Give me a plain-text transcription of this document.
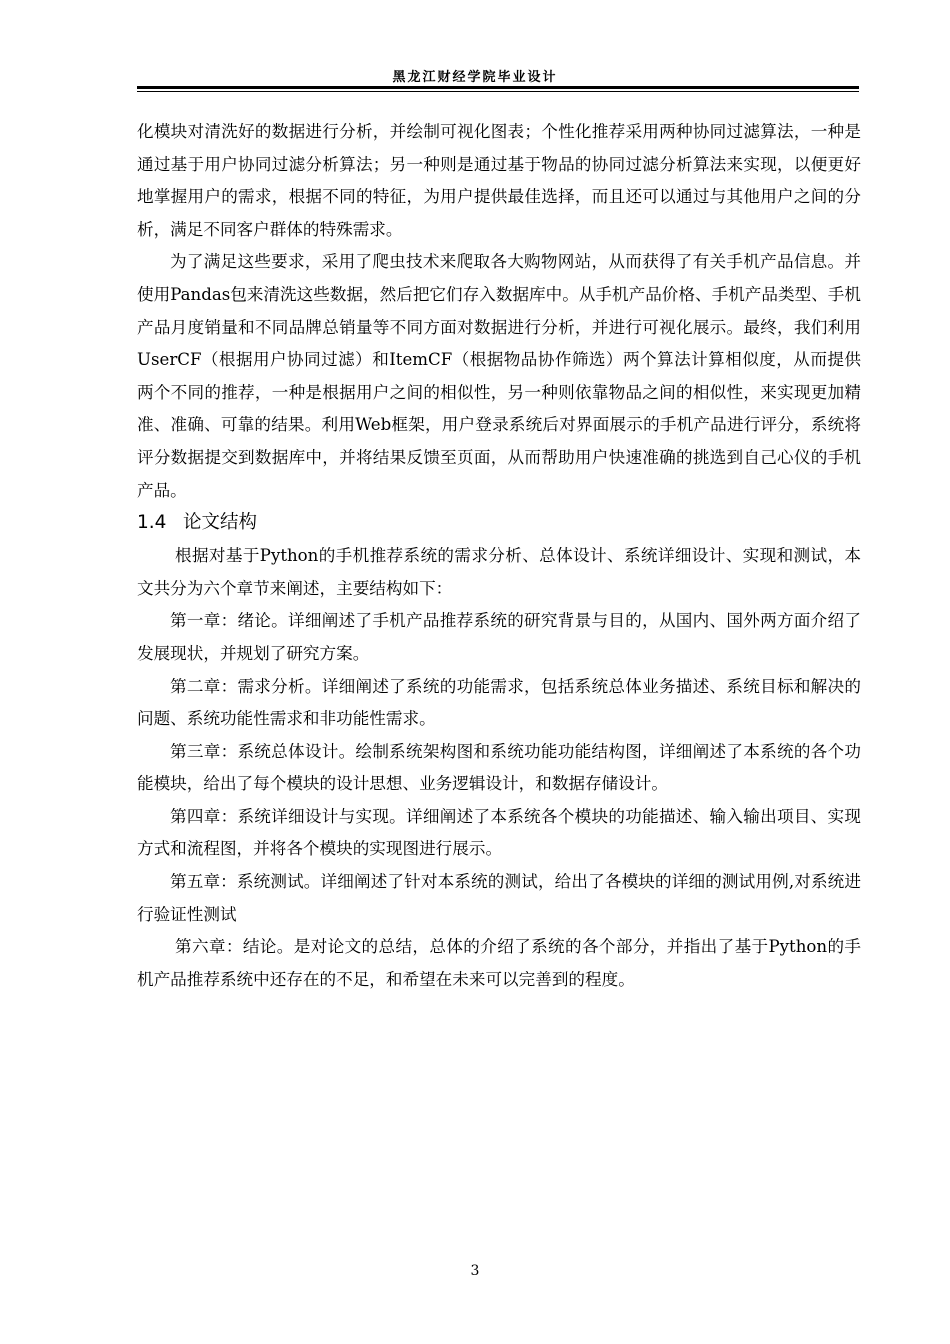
黑龙江财经学院毕业设计

化模块对清洗好的数据进行分析，并绘制可视化图表；个性化推荐采用两种协同过滤算法，一种是通过基于用户协同过滤分析算法；另一种则是通过基于物品的协同过滤分析算法来实现，以便更好地掌握用户的需求，根据不同的特征，为用户提供最佳选择，而且还可以通过与其他用户之间的分析，满足不同客户群体的特殊需求。

为了满足这些要求，采用了爬虫技术来爬取各大购物网站，从而获得了有关手机产品信息。并使用Pandas包来清洗这些数据，然后把它们存入数据库中。从手机产品价格、手机产品类型、手机产品月度销量和不同品牌总销量等不同方面对数据进行分析，并进行可视化展示。最终，我们利用UserCF（根据用户协同过滤）和ItemCF（根据物品协作筛选）两个算法计算相似度，从而提供两个不同的推荐，一种是根据用户之间的相似性，另一种则依靠物品之间的相似性，来实现更加精准、准确、可靠的结果。利用Web框架，用户登录系统后对界面展示的手机产品进行评分，系统将评分数据提交到数据库中，并将结果反馈至页面，从而帮助用户快速准确的挑选到自己心仪的手机产品。

1.4 论文结构

根据对基于Python的手机推荐系统的需求分析、总体设计、系统详细设计、实现和测试，本文共分为六个章节来阐述，主要结构如下：

第一章：绪论。详细阐述了手机产品推荐系统的研究背景与目的，从国内、国外两方面介绍了发展现状，并规划了研究方案。

第二章：需求分析。详细阐述了系统的功能需求，包括系统总体业务描述、系统目标和解决的问题、系统功能性需求和非功能性需求。

第三章：系统总体设计。绘制系统架构图和系统功能功能结构图，详细阐述了本系统的各个功能模块，给出了每个模块的设计思想、业务逻辑设计，和数据存储设计。

第四章：系统详细设计与实现。详细阐述了本系统各个模块的功能描述、输入输出项目、实现方式和流程图，并将各个模块的实现图进行展示。

第五章：系统测试。详细阐述了针对本系统的测试，给出了各模块的详细的测试用例,对系统进行验证性测试

第六章：结论。是对论文的总结，总体的介绍了系统的各个部分，并指出了基于Python的手机产品推荐系统中还存在的不足，和希望在未来可以完善到的程度。

3
